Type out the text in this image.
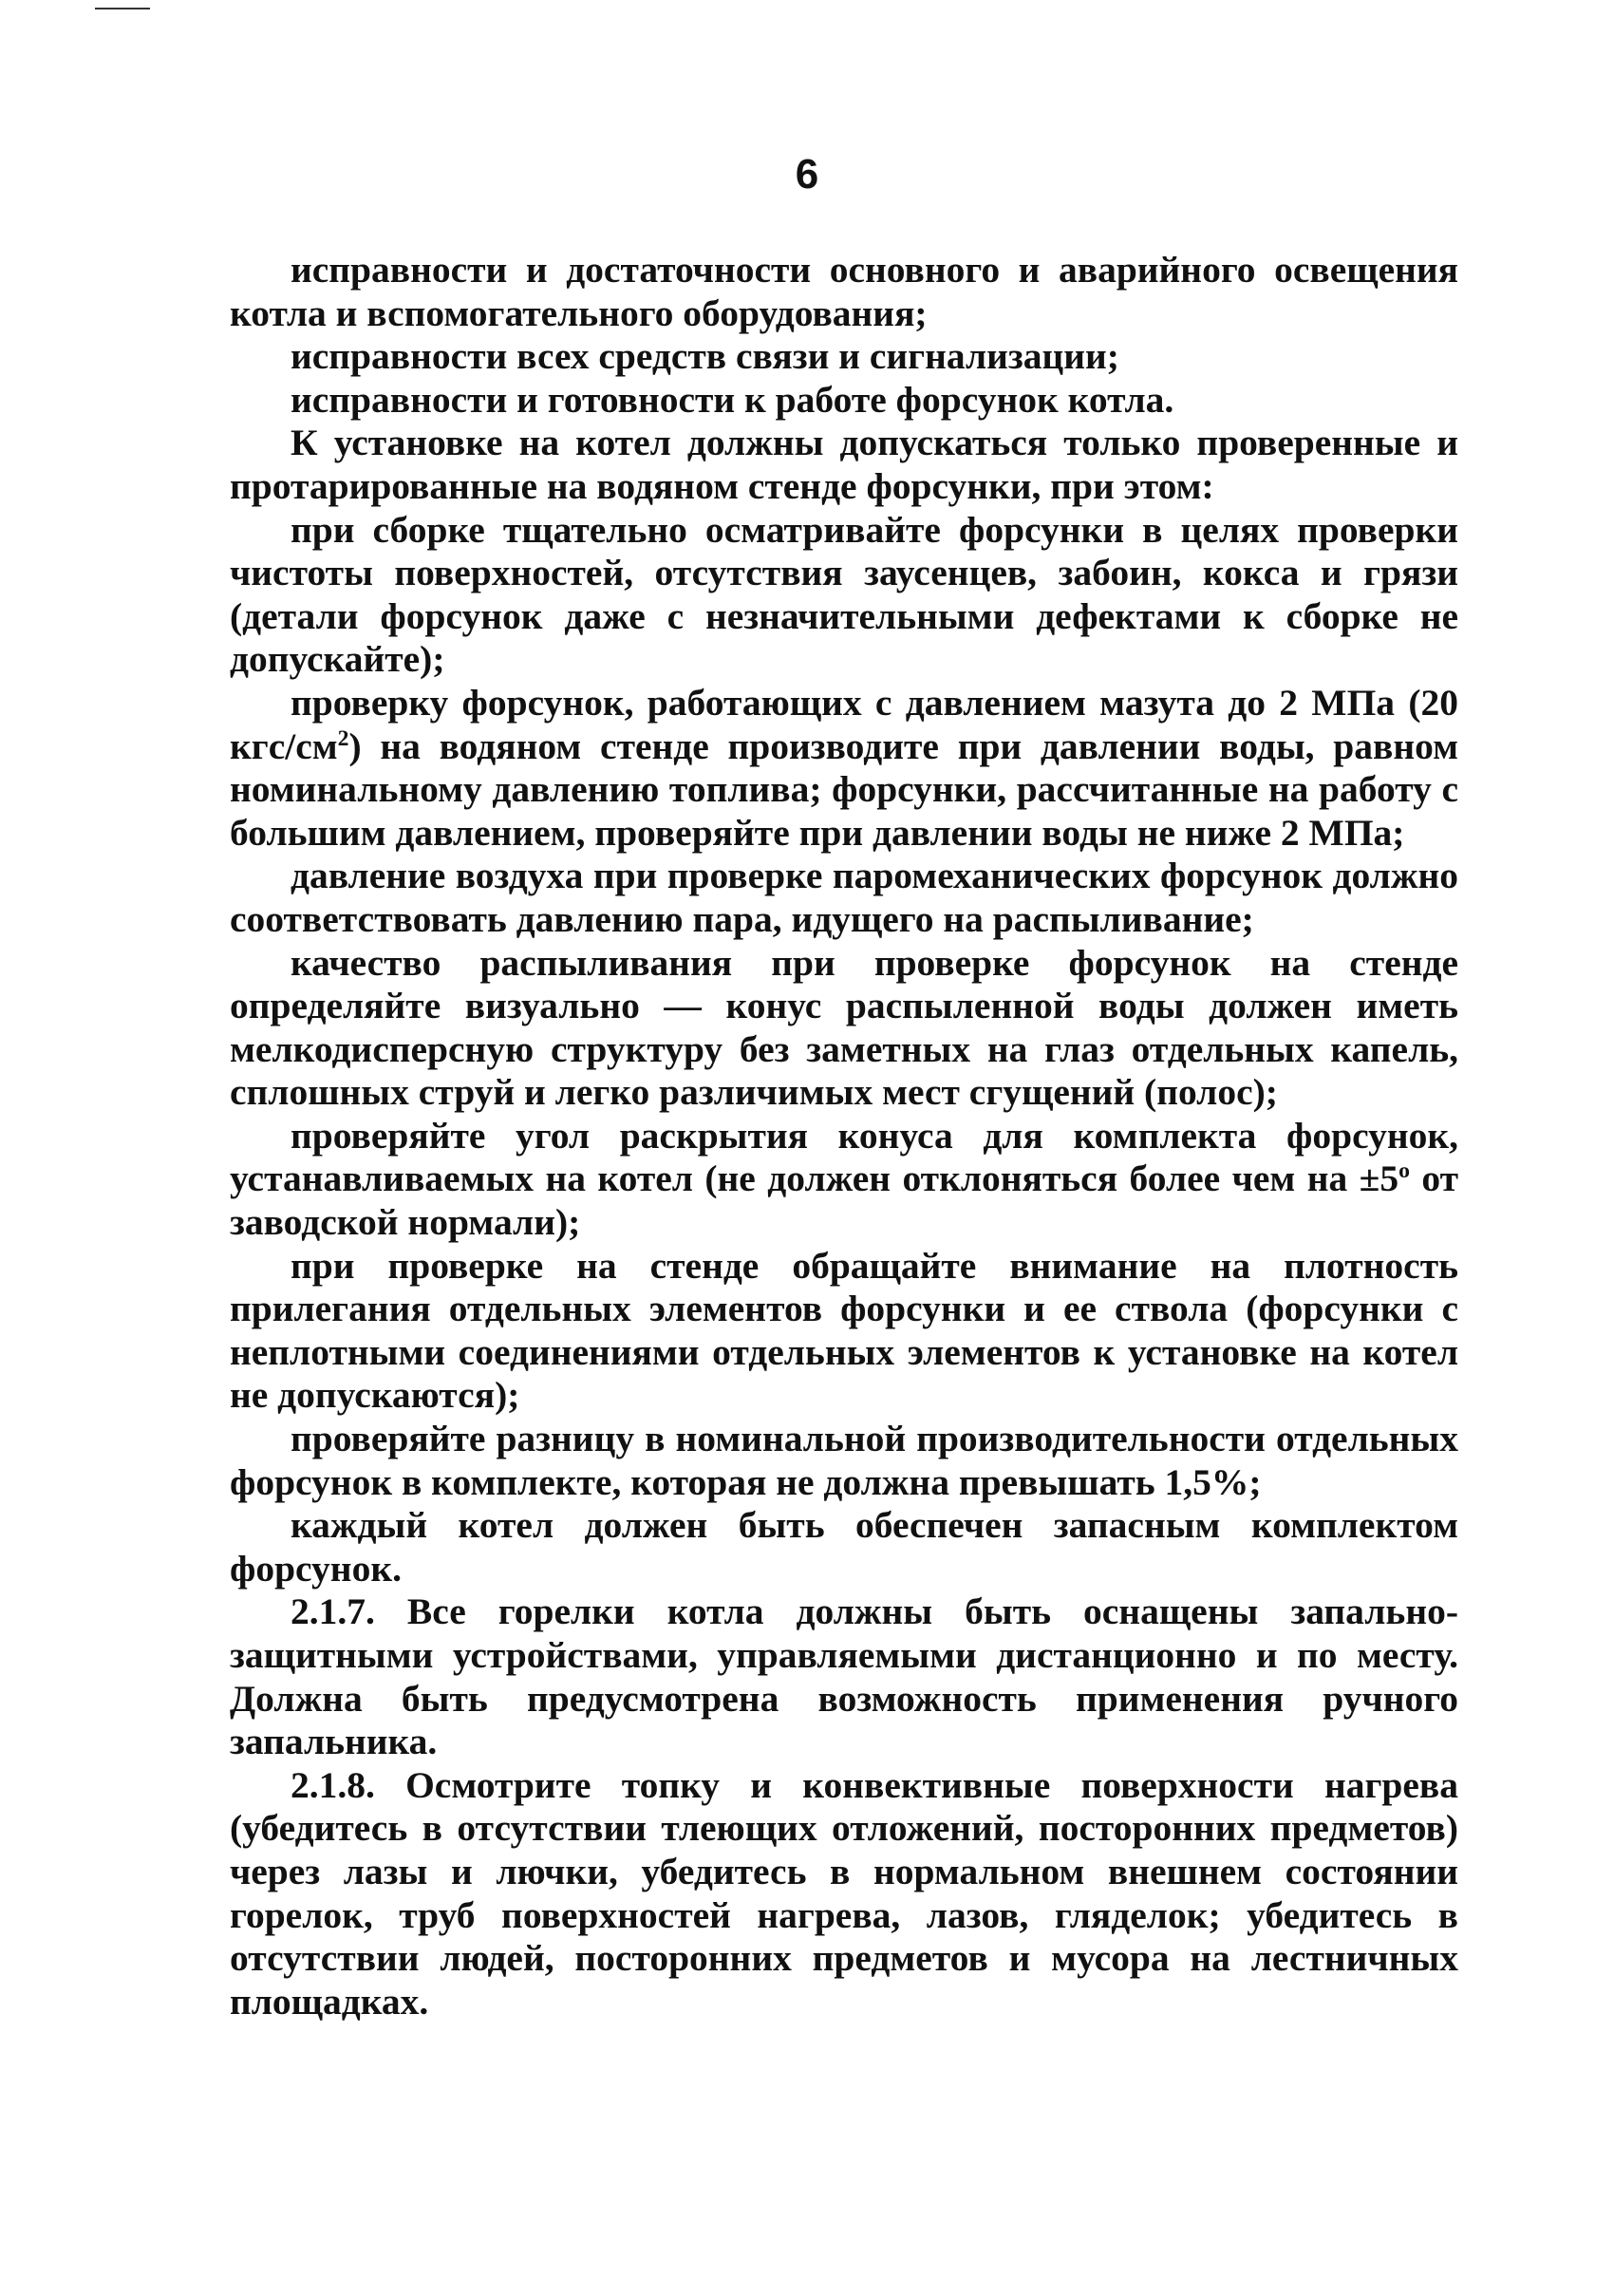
6

исправности и достаточности основного и аварийного освещения котла и вспомогательного оборудования;

исправности всех средств связи и сигнализации;

исправности и готовности к работе форсунок котла.

К установке на котел должны допускаться только проверенные и протарированные на водяном стенде форсунки, при этом:

при сборке тщательно осматривайте форсунки в целях проверки чистоты поверхностей, отсутствия заусенцев, забоин, кокса и грязи (детали форсунок даже с незначительными дефектами к сборке не допускайте);

проверку форсунок, работающих с давлением мазута до 2 МПа (20 кгс/$см^2$) на водяном стенде производите при давлении воды, равном номинальному давлению топлива; форсунки, рассчитанные на работу с большим давлением, проверяйте при давлении воды не ниже 2 МПа;

давление воздуха при проверке паромеханических форсунок должно соответствовать давлению пара, идущего на распыливание;

качество распыливания при проверке форсунок на стенде определяйте визуально — конус распыленной воды должен иметь мелкодисперсную структуру без заметных на глаз отдельных капель, сплошных струй и легко различимых мест сгущений (полос);

проверяйте угол раскрытия конуса для комплекта форсунок, устанавливаемых на котел (не должен отклоняться более чем на $\pm 5^о$ от заводской нормали);

при проверке на стенде обращайте внимание на плотность прилегания отдельных элементов форсунки и ее ствола (форсунки с неплотными соединениями отдельных элементов к установке на котел не допускаются);

проверяйте разницу в номинальной производительности отдельных форсунок в комплекте, которая не должна превышать 1,5%;

каждый котел должен быть обеспечен запасным комплектом форсунок.

2.1.7. Все горелки котла должны быть оснащены запально-защитными устройствами, управляемыми дистанционно и по месту. Должна быть предусмотрена возможность применения ручного запальника.

2.1.8. Осмотрите топку и конвективные поверхности нагрева (убедитесь в отсутствии тлеющих отложений, посторонних предметов) через лазы и лючки, убедитесь в нормальном внешнем состоянии горелок, труб поверхностей нагрева, лазов, гляделок; убедитесь в отсутствии людей, посторонних предметов и мусора на лестничных площадках.
